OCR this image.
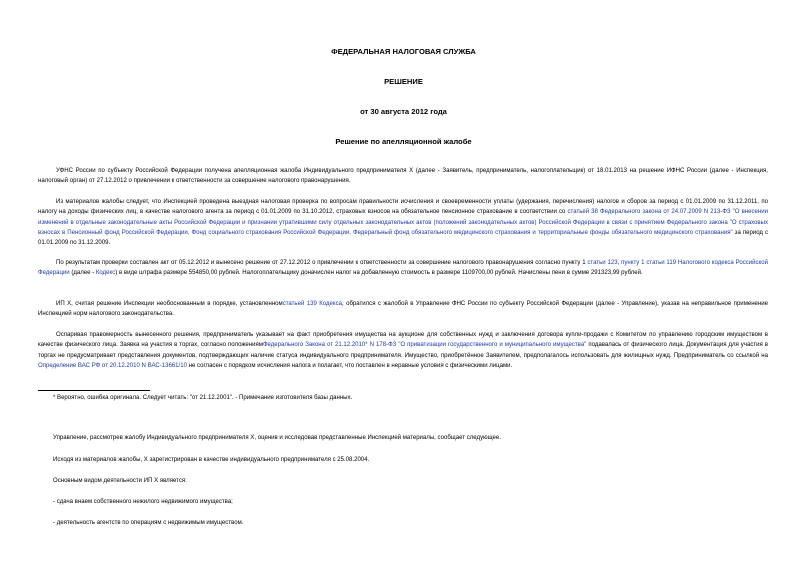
ФЕДЕРАЛЬНАЯ НАЛОГОВАЯ СЛУЖБА
РЕШЕНИЕ
от 30 августа 2012 года
Решение по апелляционной жалобе
УФНС России по субъекту Российской Федерации получена апелляционная жалоба Индивидуального предпринимателя X (далее - Заявитель, предприниматель, налогоплательщик) от 18.01.2013 на решение ИФНС России (далее - Инспекция, налоговый орган) от 27.12.2012 о привлечении к ответственности за совершение налогового правонарушения.
Из материалов жалобы следует, что Инспекцией проведена выездная налоговая проверка по вопросам правильности исчисления и своевременности уплаты (удержания, перечисления) налогов и сборов за период с 01.01.2009 по 31.12.2011, по налогу на доходы физических лиц, в качестве налогового агента за период с 01.01.2009 по 31.10.2012, страховых взносов на обязательное пенсионное страхование в соответствии со статьей 38 Федерального закона от 24.07.2009 N 213-ФЗ "О внесении изменений в отдельные законодательные акты Российской Федерации и признании утратившими силу отдельных законодательных актов (положений законодательных актов) Российской Федерации в связи с принятием Федерального закона "О страховых взносах в Пенсионный фонд Российской Федерации, Фонд социального страхования Российской Федерации, Федеральный фонд обязательного медицинского страхования и территориальные фонды обязательного медицинского страхования" за период с 01.01.2009 по 31.12.2009.
По результатам проверки составлен акт от 05.12.2012 и вынесено решение от 27.12.2012 о привлечении к ответственности за совершение налогового правонарушения согласно пункту 1 статьи 123, пункту 1 статьи 119 Налогового кодекса Российской Федерации (далее - Кодекс) в виде штрафа размере 554850,00 рублей. Налогоплательщику доначислен налог на добавленную стоимость в размере 1109700,00 рублей. Начислены пени в сумме 291323,99 рублей.
ИП X, считая решение Инспекции необоснованным в порядке, установленномстатьей 139 Кодекса, обратился с жалобой в Управление ФНС России по субъекту Российской Федерации (далее - Управление), указав на неправильное применение Инспекцией норм налогового законодательства.
Оспаривая правомерность вынесенного решения, предприниматель указывает на факт приобретения имущества на аукционе для собственных нужд и заключения договора купли-продажи с Комитетом по управлению городским имуществом в качестве физического лица. Заявка на участия в торгах, согласно положениямФедерального Закона от 21.12.2010* N 178-ФЗ "О приватизации государственного и муниципального имущества" подавалась от физического лица. Документация для участия в торгах не предусматривает представления документов, подтверждающих наличие статуса индивидуального предпринимателя. Имущество, приобретённое Заявителем, предполагалось использовать для жилищных нужд. Предприниматель со ссылкой на Определение ВАС РФ от 20.12.2010 N ВАС-13661/10 не согласен с порядком исчисления налога и полагает, что поставлен в неравные условия с физическими лицами.
* Вероятно, ошибка оригинала. Следует читать: "от 21.12.2001". - Примечание изготовителя базы данных.
Управление, рассмотрев жалобу Индивидуального предпринимателя X, оценив и исследовав представленные Инспекцией материалы, сообщает следующее.
Исходя из материалов жалобы, X зарегистрирован в качестве индивидуального предпринимателя с 25.08.2004.
Основным видом деятельности ИП X является:
- сдача внаем собственного нежилого недвижимого имущества;
- деятельность агентств по операциям с недвижимым имуществом.
